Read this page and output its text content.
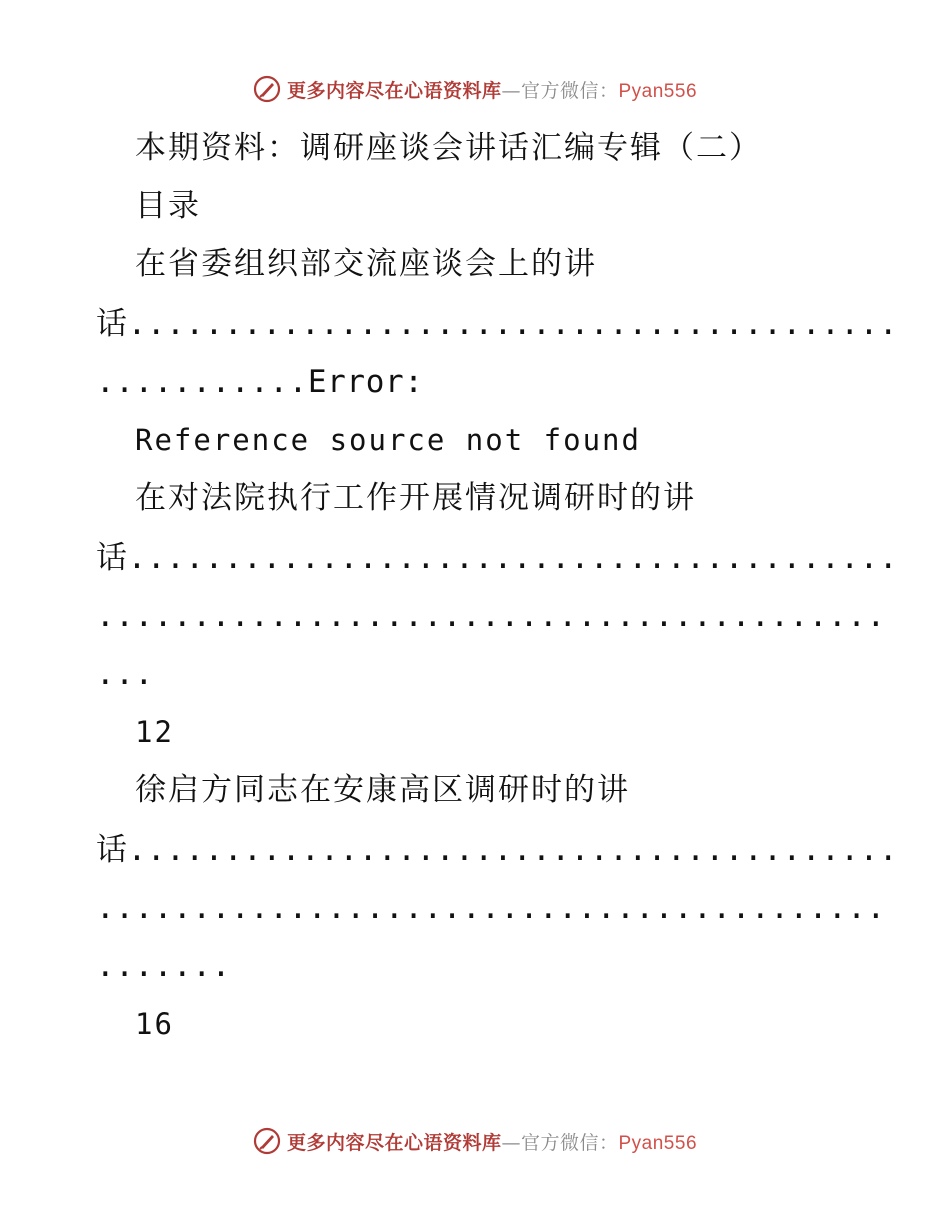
更多内容尽在心语资料库—官方微信：Pyan556
本期资料：调研座谈会讲话汇编专辑（二）
目录
在省委组织部交流座谈会上的讲
话........................................
...........Error:
Reference source not found
在对法院执行工作开展情况调研时的讲
话........................................
.........................................
...
12
徐启方同志在安康高区调研时的讲
话........................................
.........................................
.......
16
更多内容尽在心语资料库—官方微信：Pyan556
